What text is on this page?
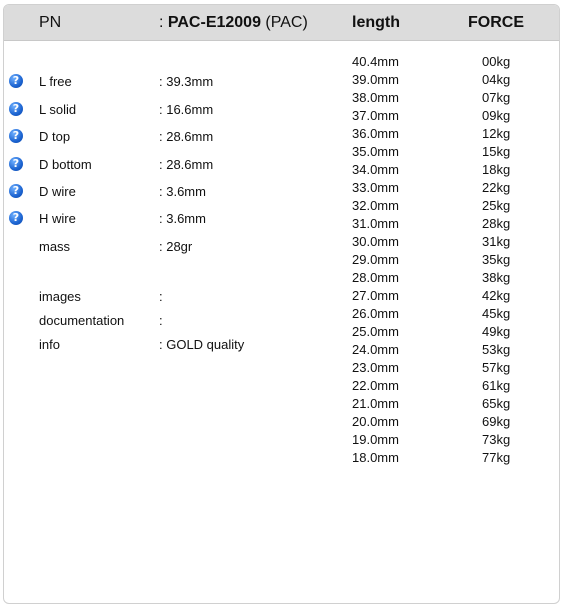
PN	: PAC-E12009 (PAC)	length	FORCE
? L free	: 39.3mm
? L solid	: 16.6mm
? D top	: 28.6mm
? D bottom	: 28.6mm
? D wire	: 3.6mm
? H wire	: 3.6mm
mass	: 28gr
images	:
documentation	:
info	: GOLD quality
40.4mm	00kg
39.0mm	04kg
38.0mm	07kg
37.0mm	09kg
36.0mm	12kg
35.0mm	15kg
34.0mm	18kg
33.0mm	22kg
32.0mm	25kg
31.0mm	28kg
30.0mm	31kg
29.0mm	35kg
28.0mm	38kg
27.0mm	42kg
26.0mm	45kg
25.0mm	49kg
24.0mm	53kg
23.0mm	57kg
22.0mm	61kg
21.0mm	65kg
20.0mm	69kg
19.0mm	73kg
18.0mm	77kg
